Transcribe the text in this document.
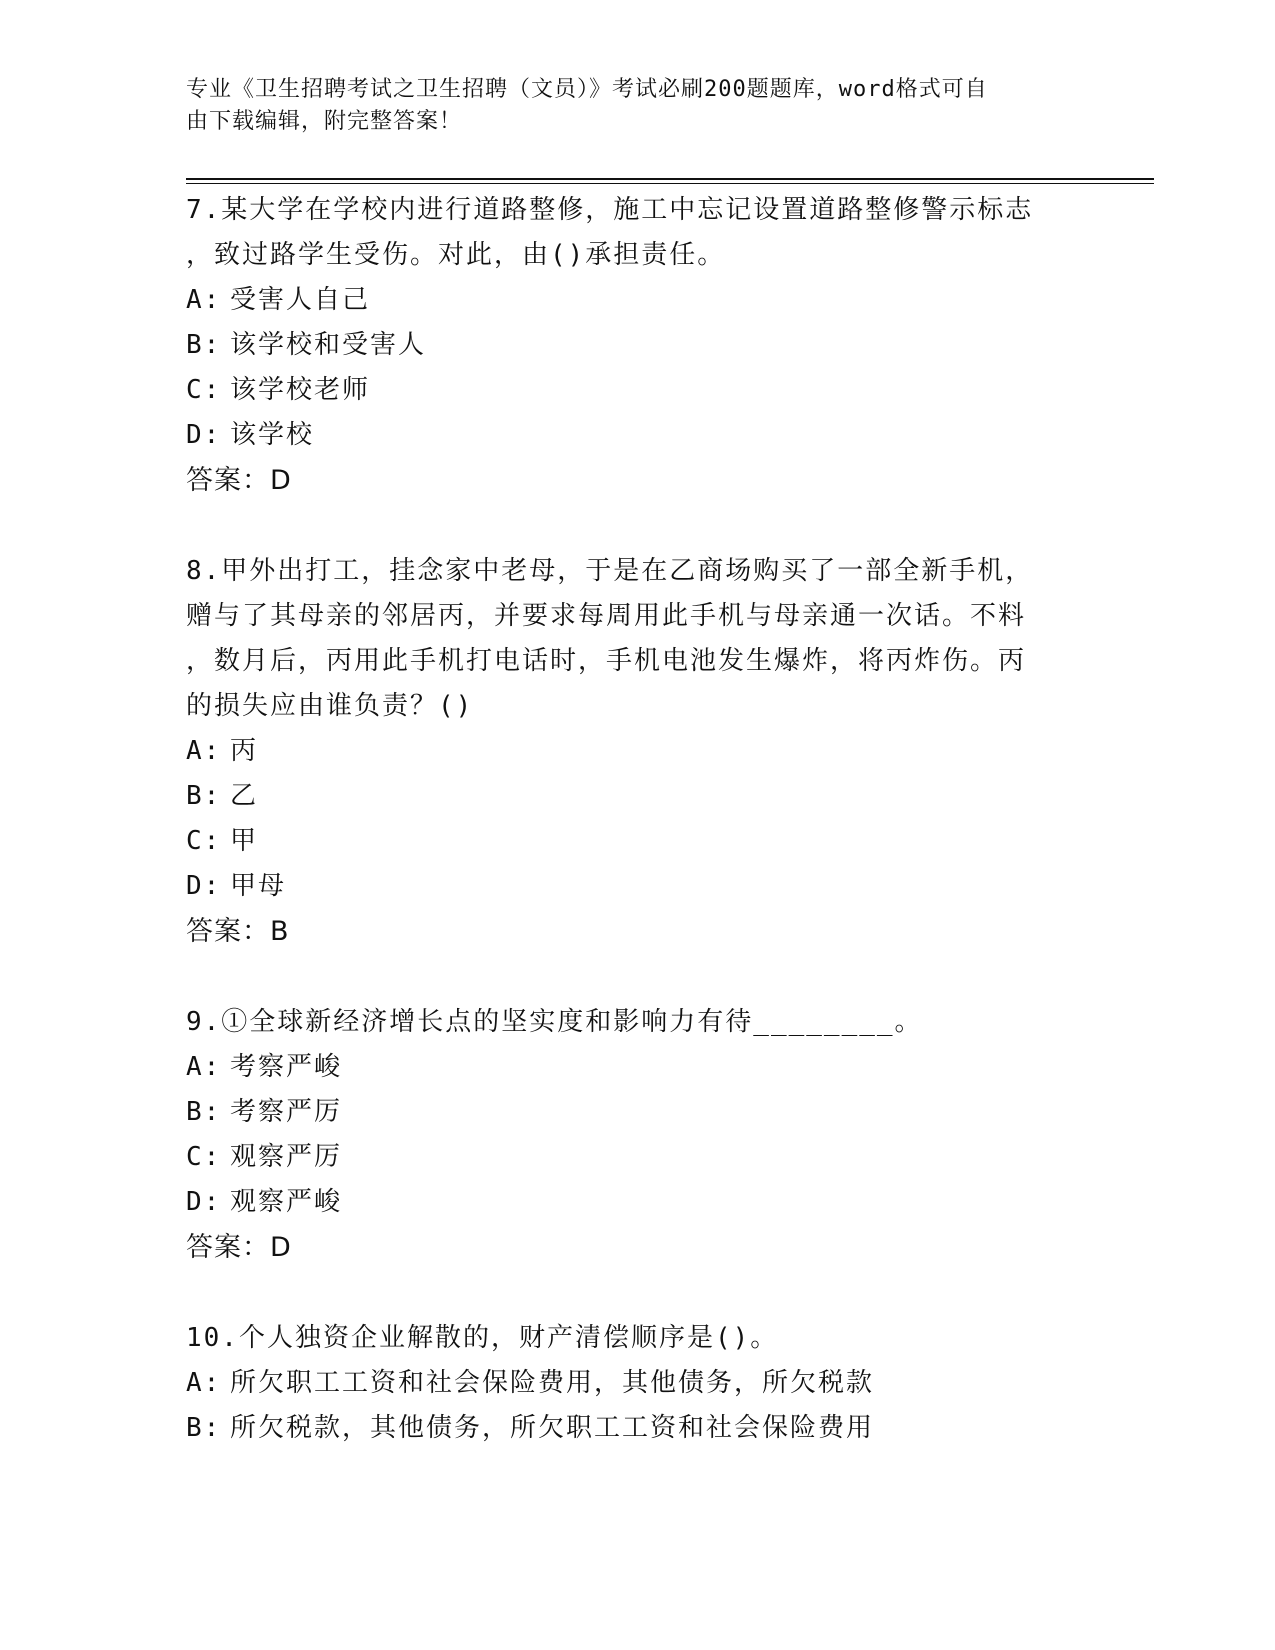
专业《卫生招聘考试之卫生招聘（文员）》考试必刷200题题库，word格式可自
由下载编辑，附完整答案！
7.某大学在学校内进行道路整修，施工中忘记设置道路整修警示标志
，致过路学生受伤。对此，由()承担责任。
A: 受害人自己
B: 该学校和受害人
C: 该学校老师
D: 该学校
答案：D
8.甲外出打工，挂念家中老母，于是在乙商场购买了一部全新手机，
赠与了其母亲的邻居丙，并要求每周用此手机与母亲通一次话。不料
，数月后，丙用此手机打电话时，手机电池发生爆炸，将丙炸伤。丙
的损失应由谁负责？()
A: 丙
B: 乙
C: 甲
D: 甲母
答案：B
9.①全球新经济增长点的坚实度和影响力有待________。
A: 考察严峻
B: 考察严厉
C: 观察严厉
D: 观察严峻
答案：D
10.个人独资企业解散的，财产清偿顺序是()。
A: 所欠职工工资和社会保险费用，其他债务，所欠税款
B: 所欠税款，其他债务，所欠职工工资和社会保险费用
